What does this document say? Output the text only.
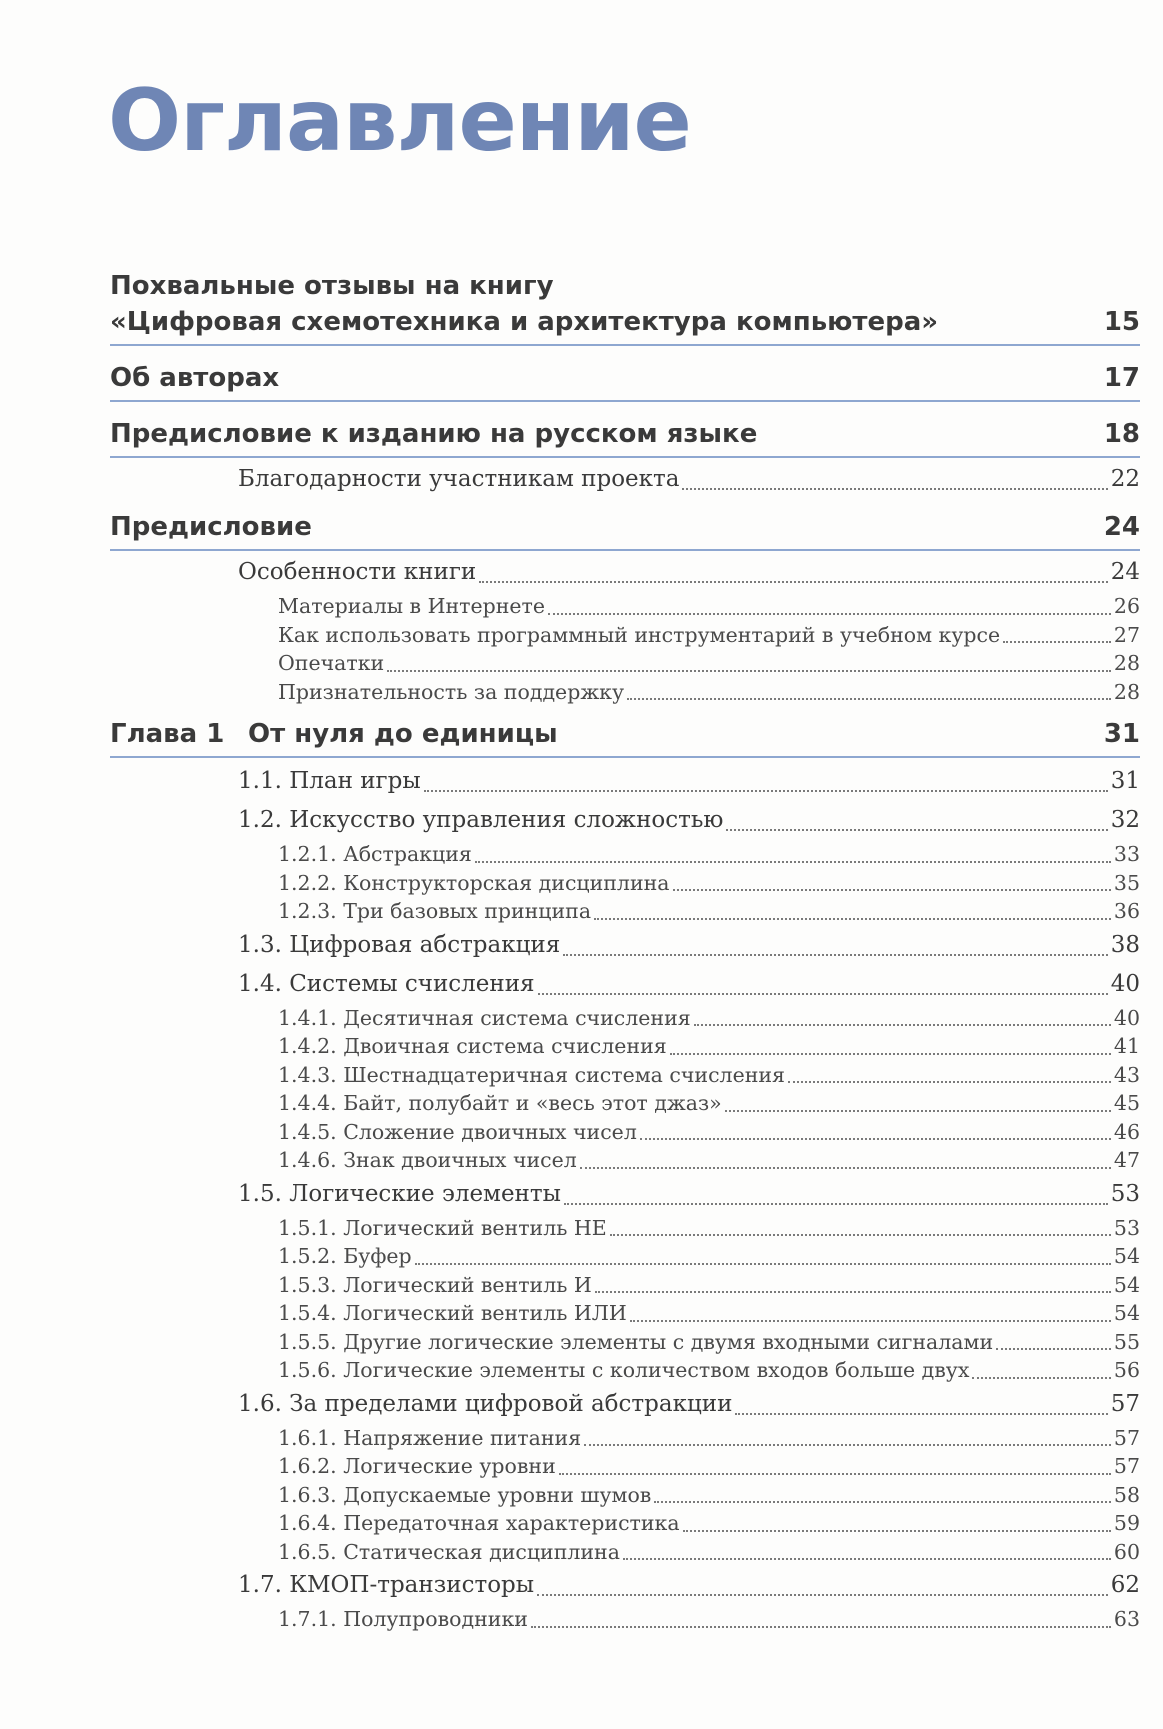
Оглавление
Похвальные отзывы на книгу
«Цифровая схемотехника и архитектура компьютера»	15
Об авторах	17
Предисловие к изданию на русском языке	18
Благодарности участникам проекта	22
Предисловие	24
Особенности книги	24
Материалы в Интернете	26
Как использовать программный инструментарий в учебном курсе	27
Опечатки	28
Признательность за поддержку	28
Глава 1 От нуля до единицы	31
1.1. План игры	31
1.2. Искусство управления сложностью	32
1.2.1. Абстракция	33
1.2.2. Конструкторская дисциплина	35
1.2.3. Три базовых принципа	36
1.3. Цифровая абстракция	38
1.4. Системы счисления	40
1.4.1. Десятичная система счисления	40
1.4.2. Двоичная система счисления	41
1.4.3. Шестнадцатеричная система счисления	43
1.4.4. Байт, полубайт и «весь этот джаз»	45
1.4.5. Сложение двоичных чисел	46
1.4.6. Знак двоичных чисел	47
1.5. Логические элементы	53
1.5.1. Логический вентиль НЕ	53
1.5.2. Буфер	54
1.5.3. Логический вентиль И	54
1.5.4. Логический вентиль ИЛИ	54
1.5.5. Другие логические элементы с двумя входными сигналами	55
1.5.6. Логические элементы с количеством входов больше двух	56
1.6. За пределами цифровой абстракции	57
1.6.1. Напряжение питания	57
1.6.2. Логические уровни	57
1.6.3. Допускаемые уровни шумов	58
1.6.4. Передаточная характеристика	59
1.6.5. Статическая дисциплина	60
1.7. КМОП-транзисторы	62
1.7.1. Полупроводники	63
